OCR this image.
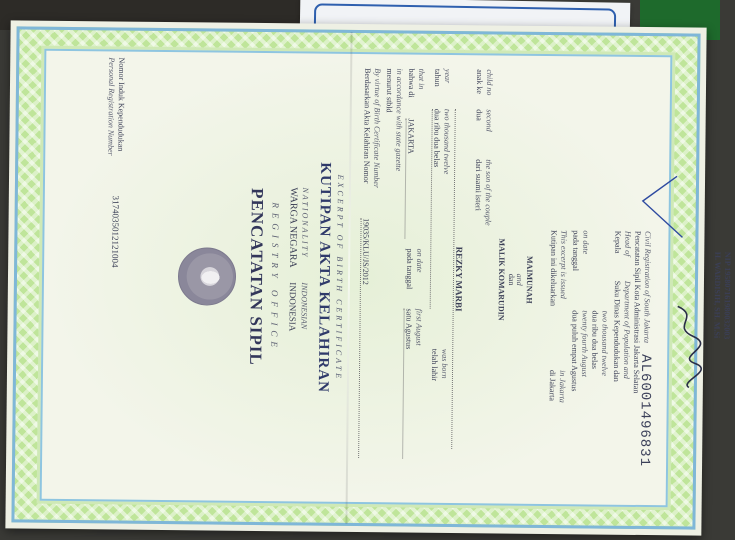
AL6001496831
Nomor Induk Kependudukan
Personal Registration Number
3174035012121004	PENCATATAN SIPIL REGISTRY OFFICE WARGA NEGARA
INDONESIA
NATIONALITY
INDONESIAN KUTIPAN AKTA KELAHIRAN EXCERPT OF BIRTH CERTIFICATE
Berdasarkan Akta Kelahiran Nomor
19035/KLU/JS/2012
By virtue of Birth Certificate Number menurut stbld in accordance with state gazette bahwa di
JAKARTA
that in
pada tanggal on date
satu Agustus first August
tahun year
dua ribu dua belas two thousand twelve
telah lahir was born
REZKY MARBI
anak ke
dua
child no
second
dari suami isteri the son of the couple
MALIK KOMARUDIN dan
and MAIMUNAH Kutipan ini dikeluarkan This excerpt is issued
di Jakarta in Jakarta
pada tanggal on date
dua puluh empat Agustus twenty fourth August dua ribu dua belas two thousand twelve
Kepala Head of
Suku Dinas Kependudukan dan Department of Population and Pencatatan Sipil Kota Administrasi Jakarta Selatan Civil Registration of South Jakarta	H. WARDISIH, SH. M.Si NIP 195807161980032003
